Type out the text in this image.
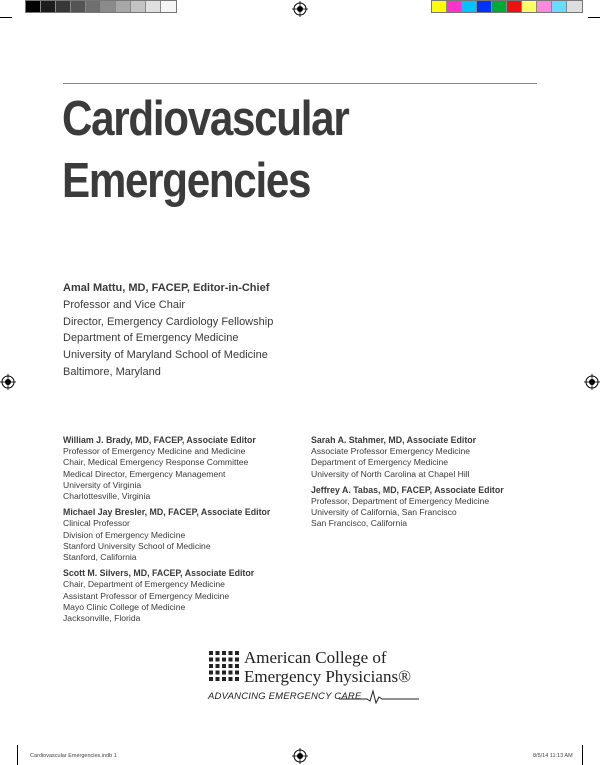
Cardiovascular
Emergencies
Amal Mattu, MD, FACEP, Editor-in-Chief
Professor and Vice Chair
Director, Emergency Cardiology Fellowship
Department of Emergency Medicine
University of Maryland School of Medicine
Baltimore, Maryland
William J. Brady, MD, FACEP, Associate Editor
Professor of Emergency Medicine and Medicine
Chair, Medical Emergency Response Committee
Medical Director, Emergency Management
University of Virginia
Charlottesville, Virginia
Michael Jay Bresler, MD, FACEP, Associate Editor
Clinical Professor
Division of Emergency Medicine
Stanford University School of Medicine
Stanford, California
Scott M. Silvers, MD, FACEP, Associate Editor
Chair, Department of Emergency Medicine
Assistant Professor of Emergency Medicine
Mayo Clinic College of Medicine
Jacksonville, Florida
Sarah A. Stahmer, MD, Associate Editor
Associate Professor Emergency Medicine
Department of Emergency Medicine
University of North Carolina at Chapel Hill
Jeffrey A. Tabas, MD, FACEP, Associate Editor
Professor, Department of Emergency Medicine
University of California, San Francisco
San Francisco, California
American College of
Emergency Physicians®
ADVANCING EMERGENCY CARE
Cardiovascular Emergencies.indb 1	8/5/14 11:13 AM
